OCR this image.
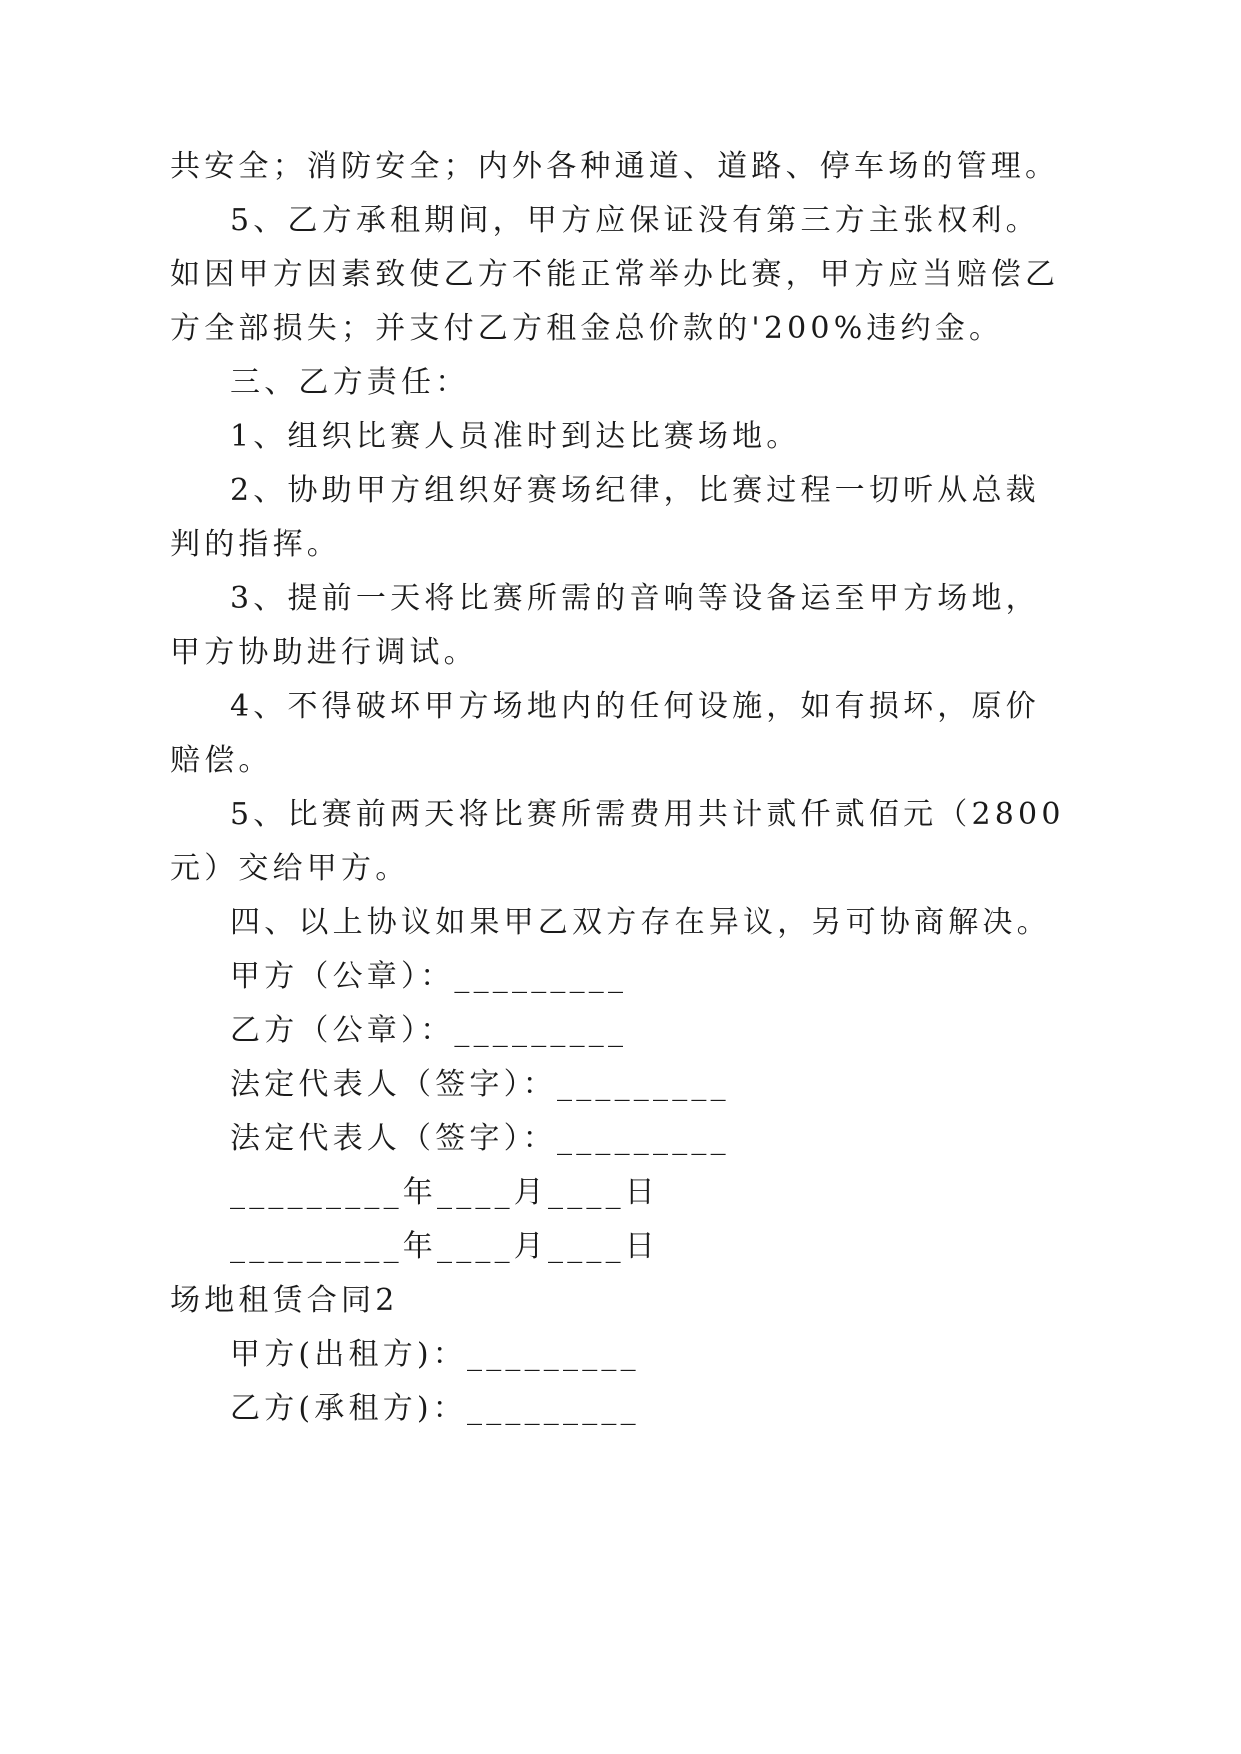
共安全；消防安全；内外各种通道、道路、停车场的管理。
5、乙方承租期间，甲方应保证没有第三方主张权利。
如因甲方因素致使乙方不能正常举办比赛，甲方应当赔偿乙
方全部损失；并支付乙方租金总价款的'200%违约金。
三、乙方责任：
1、组织比赛人员准时到达比赛场地。
2、协助甲方组织好赛场纪律，比赛过程一切听从总裁
判的指挥。
3、提前一天将比赛所需的音响等设备运至甲方场地，
甲方协助进行调试。
4、不得破坏甲方场地内的任何设施，如有损坏，原价
赔偿。
5、比赛前两天将比赛所需费用共计贰仟贰佰元（2800
元）交给甲方。
四、以上协议如果甲乙双方存在异议，另可协商解决。
甲方（公章）：_________
乙方（公章）：_________
法定代表人（签字）：_________
法定代表人（签字）：_________
_________年____月____日
_________年____月____日
场地租赁合同2
甲方(出租方)：_________
乙方(承租方)：_________
